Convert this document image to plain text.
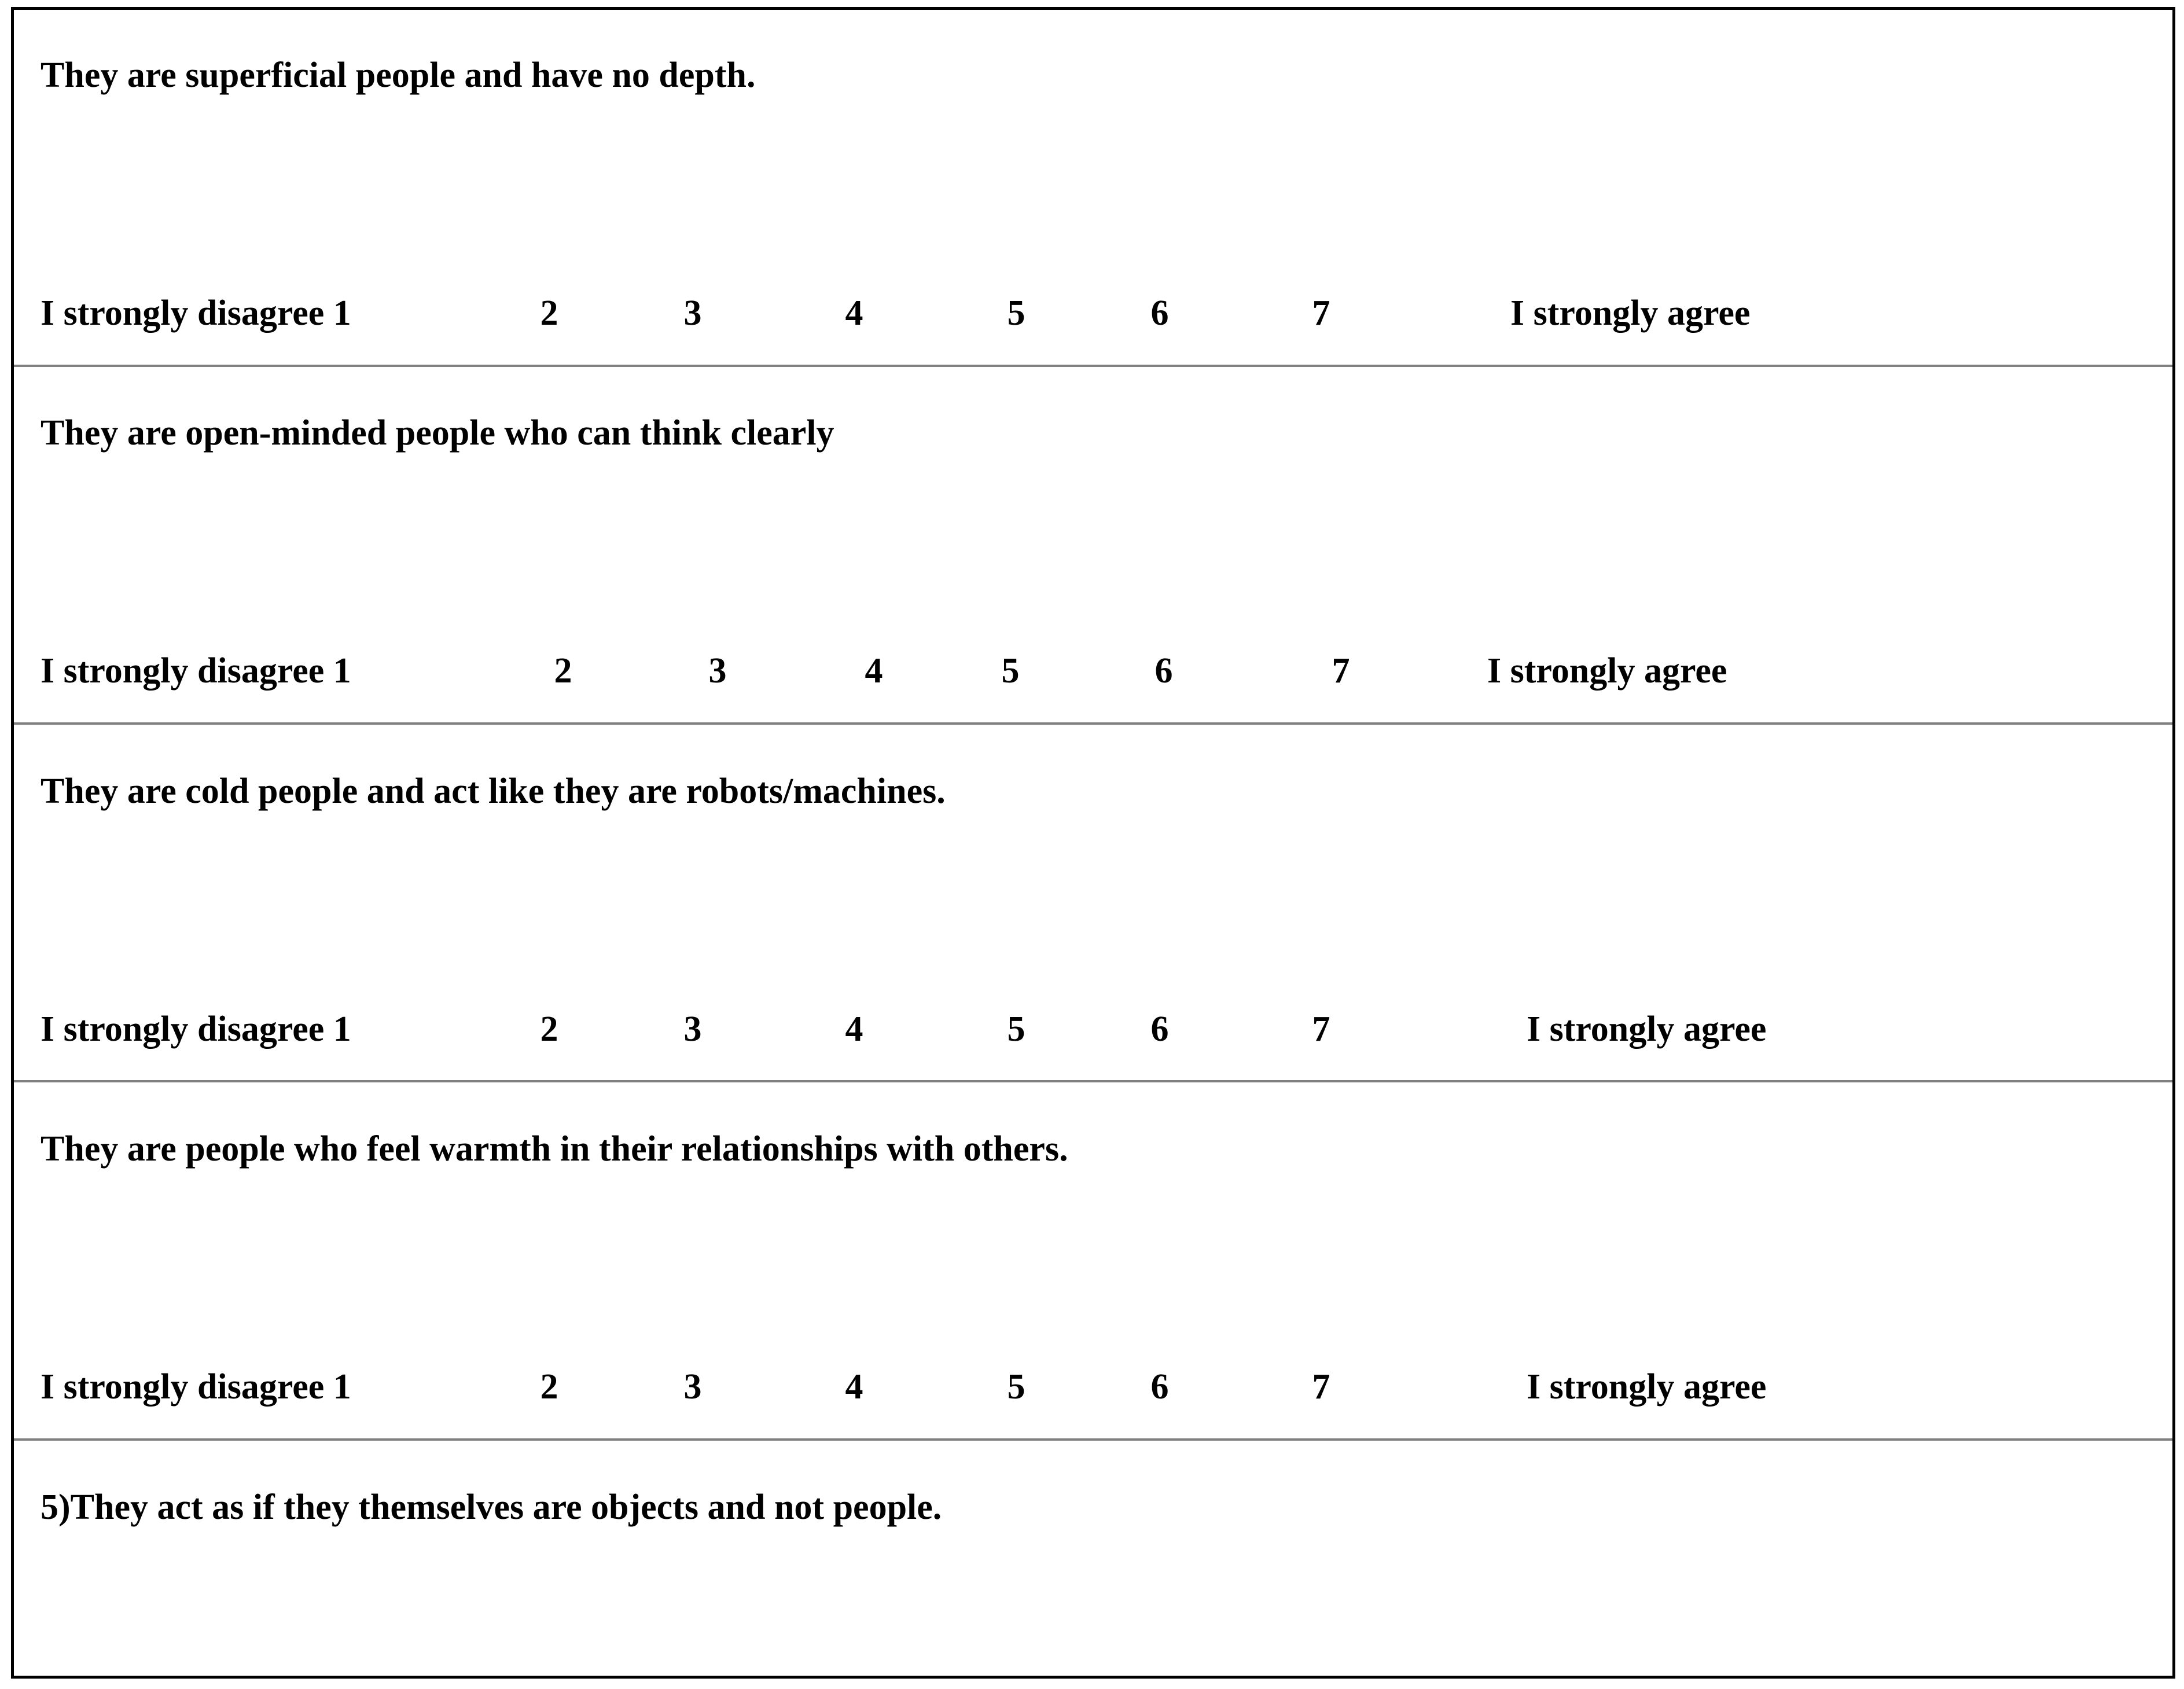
They are superficial people and have no depth.
I strongly disagree 1	2	3	4	5	6	7	I strongly agree
They are open-minded people who can think clearly
I strongly disagree 1	2	3	4	5	6	7	I strongly agree
They are cold people and act like they are robots/machines.
I strongly disagree 1	2	3	4	5	6	7	I strongly agree
They are people who feel warmth in their relationships with others.
I strongly disagree 1	2	3	4	5	6	7	I strongly agree
5)They act as if they themselves are objects and not people.
